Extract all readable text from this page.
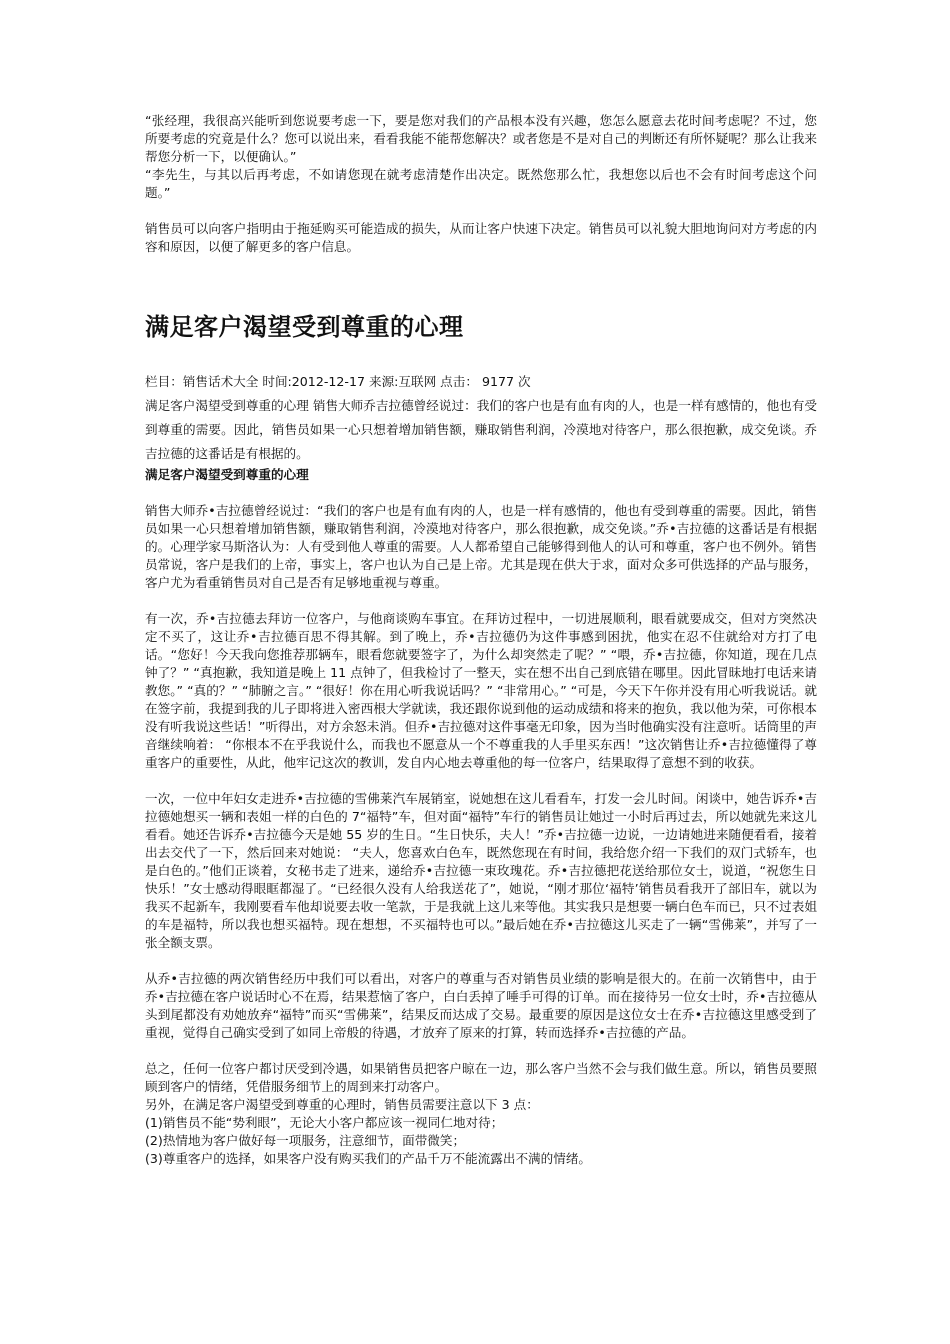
“张经理，我很高兴能听到您说要考虑一下，要是您对我们的产品根本没有兴趣，您怎么愿意去花时间考虑呢？不过，您所要考虑的究竟是什么？您可以说出来，看看我能不能帮您解决？或者您是不是对自己的判断还有所怀疑呢？那么让我来帮您分析一下，以便确认。”

“李先生，与其以后再考虑，不如请您现在就考虑清楚作出决定。既然您那么忙，我想您以后也不会有时间考虑这个问题。”

销售员可以向客户指明由于拖延购买可能造成的损失，从而让客户快速下决定。销售员可以礼貌大胆地询问对方考虑的内容和原因，以便了解更多的客户信息。

满足客户渴望受到尊重的心理

栏目：销售话术大全 时间:2012-12-17 来源:互联网 点击： 9177 次

满足客户渴望受到尊重的心理 销售大师乔吉拉德曾经说过：我们的客户也是有血有肉的人，也是一样有感情的，他也有受到尊重的需要。因此，销售员如果一心只想着增加销售额，赚取销售利润，冷漠地对待客户，那么很抱歉，成交免谈。乔吉拉德的这番话是有根据的。

满足客户渴望受到尊重的心理

销售大师乔•吉拉德曾经说过：“我们的客户也是有血有肉的人，也是一样有感情的，他也有受到尊重的需要。因此，销售员如果一心只想着增加销售额，赚取销售利润，冷漠地对待客户，那么很抱歉，成交免谈。”乔•吉拉德的这番话是有根据的。心理学家马斯洛认为：人有受到他人尊重的需要。人人都希望自己能够得到他人的认可和尊重，客户也不例外。销售员常说，客户是我们的上帝，事实上，客户也认为自己是上帝。尤其是现在供大于求，面对众多可供选择的产品与服务，客户尤为看重销售员对自己是否有足够地重视与尊重。

有一次，乔•吉拉德去拜访一位客户，与他商谈购车事宜。在拜访过程中，一切进展顺利，眼看就要成交，但对方突然决定不买了，这让乔•吉拉德百思不得其解。到了晚上，乔•吉拉德仍为这件事感到困扰，他实在忍不住就给对方打了电话。“您好！今天我向您推荐那辆车，眼看您就要签字了，为什么却突然走了呢？” “喂，乔•吉拉德，你知道，现在几点钟了？” “真抱歉，我知道是晚上 11 点钟了，但我检讨了一整天，实在想不出自己到底错在哪里。因此冒昧地打电话来请教您。” “真的？” “肺腑之言。” “很好！你在用心听我说话吗？” “非常用心。” “可是，今天下午你并没有用心听我说话。就在签字前，我提到我的儿子即将进入密西根大学就读，我还跟你说到他的运动成绩和将来的抱负，我以他为荣，可你根本没有听我说这些话！”听得出，对方余怒未消。但乔•吉拉德对这件事毫无印象，因为当时他确实没有注意听。话筒里的声音继续响着： “你根本不在乎我说什么，而我也不愿意从一个不尊重我的人手里买东西！”这次销售让乔•吉拉德懂得了尊重客户的重要性，从此，他牢记这次的教训，发自内心地去尊重他的每一位客户，结果取得了意想不到的收获。

一次，一位中年妇女走进乔•吉拉德的雪佛莱汽车展销室，说她想在这儿看看车，打发一会儿时间。闲谈中，她告诉乔•吉拉德她想买一辆和表姐一样的白色的 7“福特”车，但对面“福特”车行的销售员让她过一小时后再过去，所以她就先来这儿看看。她还告诉乔•吉拉德今天是她 55 岁的生日。“生日快乐，夫人！”乔•吉拉德一边说，一边请她进来随便看看，接着出去交代了一下，然后回来对她说： “夫人，您喜欢白色车，既然您现在有时间，我给您介绍一下我们的双门式轿车，也是白色的。”他们正谈着，女秘书走了进来，递给乔•吉拉德一束玫瑰花。乔•吉拉德把花送给那位女士，说道，“祝您生日快乐！”女士感动得眼眶都湿了。“已经很久没有人给我送花了”，她说，“刚才那位‘福特’销售员看我开了部旧车，就以为我买不起新车，我刚要看车他却说要去收一笔款，于是我就上这儿来等他。其实我只是想要一辆白色车而已，只不过表姐的车是福特，所以我也想买福特。现在想想，不买福特也可以。”最后她在乔•吉拉德这儿买走了一辆“雪佛莱”，并写了一张全额支票。

从乔•吉拉德的两次销售经历中我们可以看出，对客户的尊重与否对销售员业绩的影响是很大的。在前一次销售中，由于乔•吉拉德在客户说话时心不在焉，结果惹恼了客户，白白丢掉了唾手可得的订单。而在接待另一位女士时，乔•吉拉德从头到尾都没有劝她放弃“福特”而买“雪佛莱”，结果反而达成了交易。最重要的原因是这位女士在乔•吉拉德这里感受到了重视，觉得自己确实受到了如同上帝般的待遇，才放弃了原来的打算，转而选择乔•吉拉德的产品。

总之，任何一位客户都讨厌受到冷遇，如果销售员把客户晾在一边，那么客户当然不会与我们做生意。所以，销售员要照顾到客户的情绪，凭借服务细节上的周到来打动客户。

另外，在满足客户渴望受到尊重的心理时，销售员需要注意以下 3 点：

(1)销售员不能“势利眼”，无论大小客户都应该一视同仁地对待；

(2)热情地为客户做好每一项服务，注意细节，面带微笑；

(3)尊重客户的选择，如果客户没有购买我们的产品千万不能流露出不满的情绪。
